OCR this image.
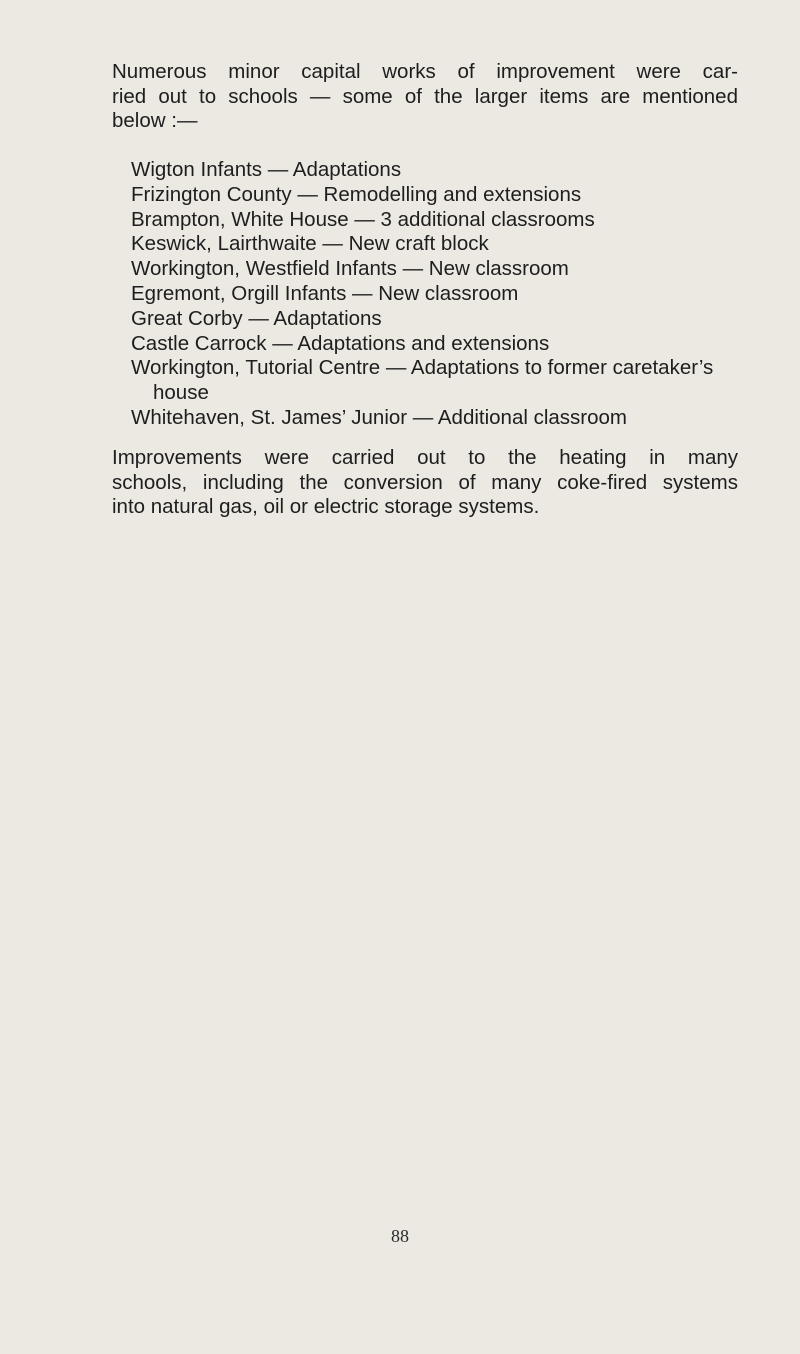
Numerous minor capital works of improvement were car-
ried out to schools — some of the larger items are mentioned
below :—

Wigton Infants — Adaptations
Frizington County — Remodelling and extensions
Brampton, White House — 3 additional classrooms
Keswick, Lairthwaite — New craft block
Workington, Westfield Infants — New classroom
Egremont, Orgill Infants — New classroom
Great Corby — Adaptations
Castle Carrock — Adaptations and extensions
Workington, Tutorial Centre — Adaptations to former caretaker’s house
Whitehaven, St. James’ Junior — Additional classroom

Improvements were carried out to the heating in many
schools, including the conversion of many coke-fired systems
into natural gas, oil or electric storage systems.

88
